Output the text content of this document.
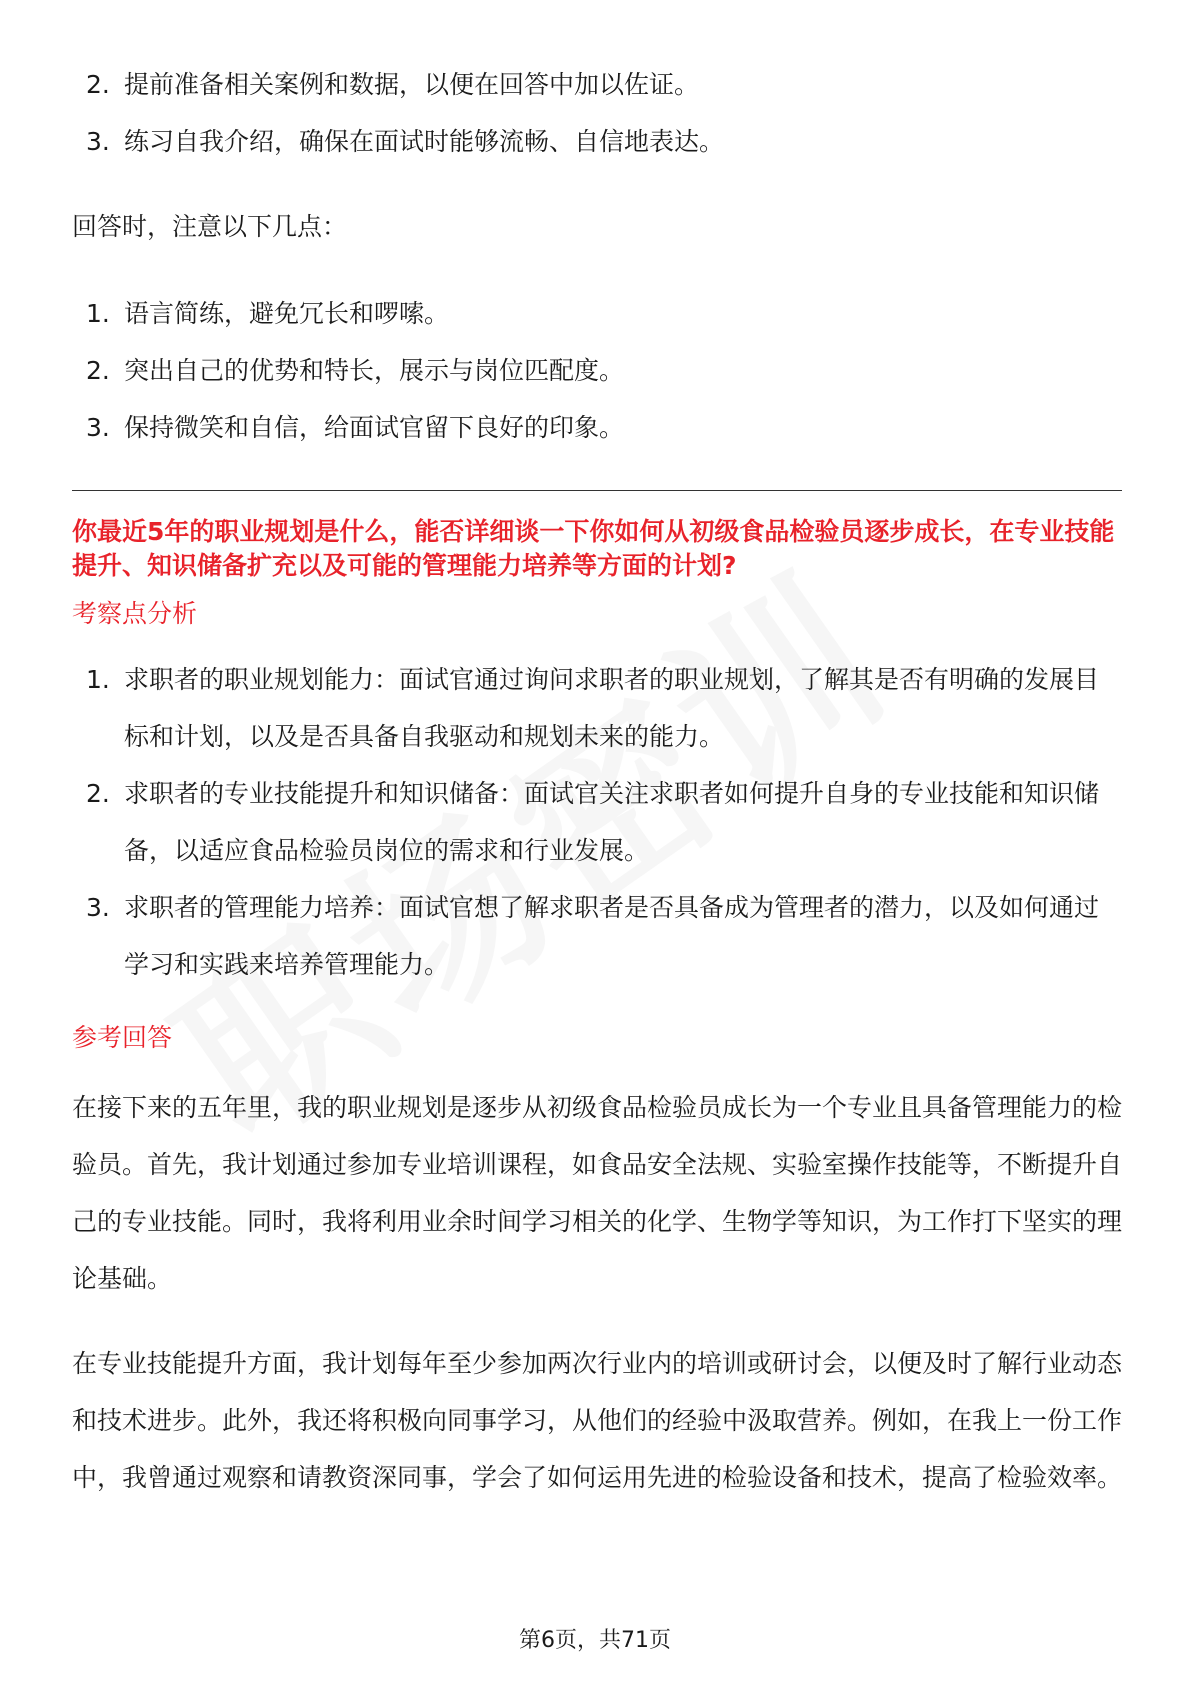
2. 提前准备相关案例和数据，以便在回答中加以佐证。
3. 练习自我介绍，确保在面试时能够流畅、自信地表达。

回答时，注意以下几点：

1. 语言简练，避免冗长和啰嗦。
2. 突出自己的优势和特长，展示与岗位匹配度。
3. 保持微笑和自信，给面试官留下良好的印象。

你最近5年的职业规划是什么，能否详细谈一下你如何从初级食品检验员逐步成长，在专业技能提升、知识储备扩充以及可能的管理能力培养等方面的计划?

考察点分析

1. 求职者的职业规划能力：面试官通过询问求职者的职业规划，了解其是否有明确的发展目标和计划，以及是否具备自我驱动和规划未来的能力。
2. 求职者的专业技能提升和知识储备：面试官关注求职者如何提升自身的专业技能和知识储备，以适应食品检验员岗位的需求和行业发展。
3. 求职者的管理能力培养：面试官想了解求职者是否具备成为管理者的潜力，以及如何通过学习和实践来培养管理能力。

参考回答

在接下来的五年里，我的职业规划是逐步从初级食品检验员成长为一个专业且具备管理能力的检验员。首先，我计划通过参加专业培训课程，如食品安全法规、实验室操作技能等，不断提升自己的专业技能。同时，我将利用业余时间学习相关的化学、生物学等知识，为工作打下坚实的理论基础。

在专业技能提升方面，我计划每年至少参加两次行业内的培训或研讨会，以便及时了解行业动态和技术进步。此外，我还将积极向同事学习，从他们的经验中汲取营养。例如，在我上一份工作中，我曾通过观察和请教资深同事，学会了如何运用先进的检验设备和技术，提高了检验效率。

第6页，共71页
